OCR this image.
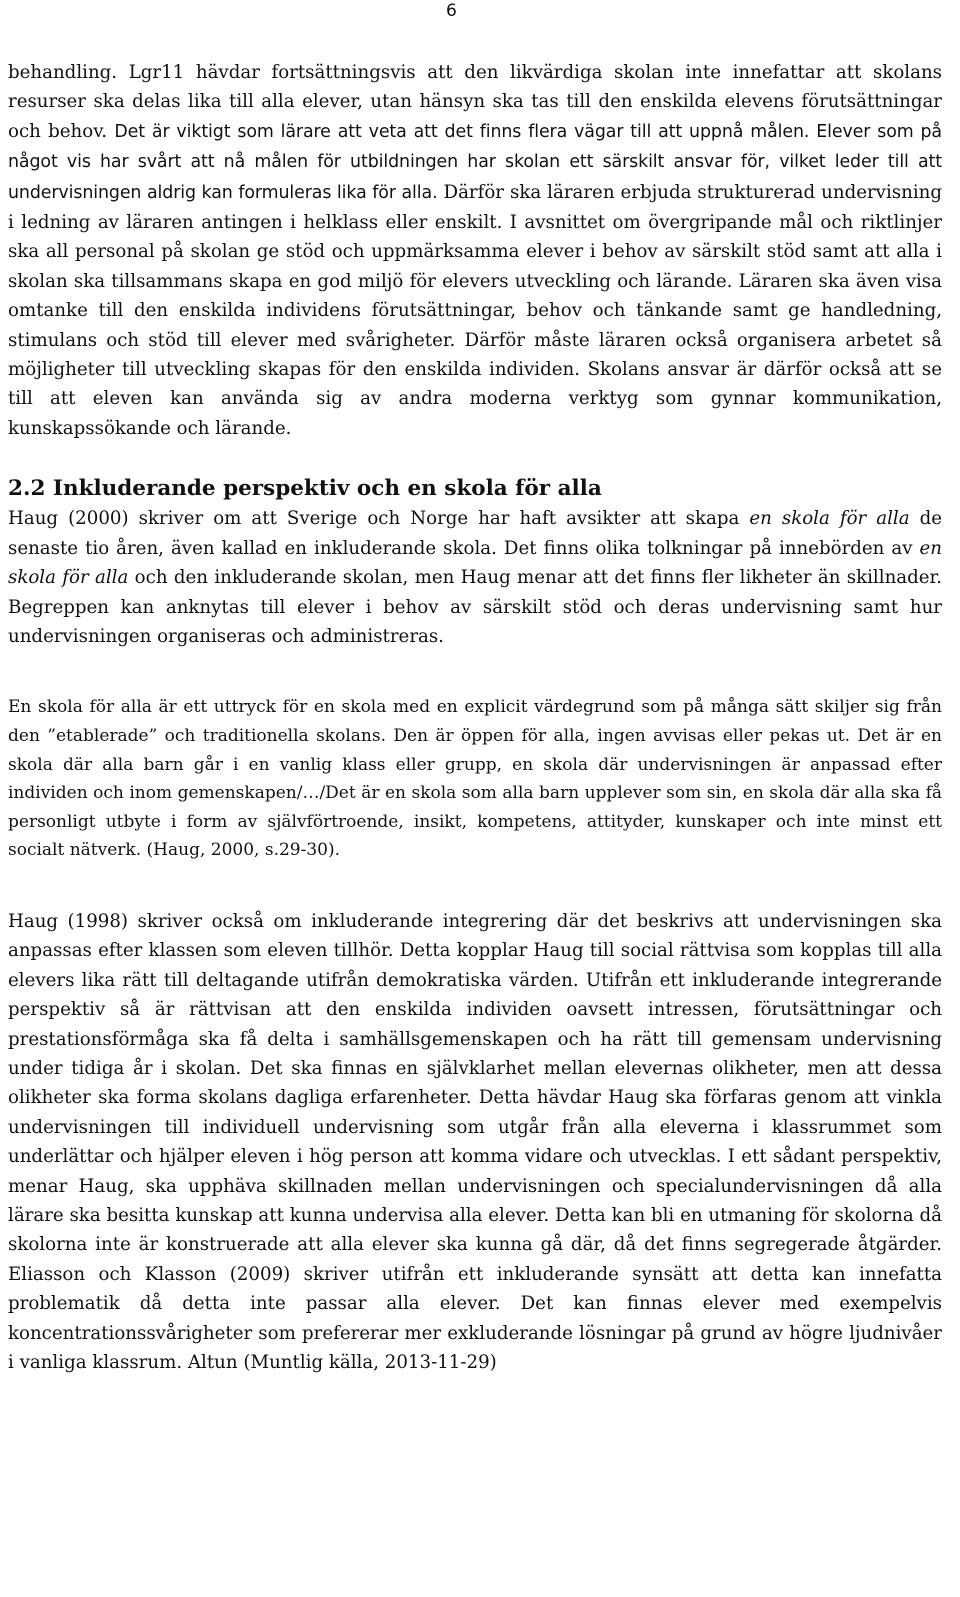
6

behandling. Lgr11 hävdar fortsättningsvis att den likvärdiga skolan inte innefattar att skolans resurser ska delas lika till alla elever, utan hänsyn ska tas till den enskilda elevens förutsättningar och behov. Det är viktigt som lärare att veta att det finns flera vägar till att uppnå målen. Elever som på något vis har svårt att nå målen för utbildningen har skolan ett särskilt ansvar för, vilket leder till att undervisningen aldrig kan formuleras lika för alla. Därför ska läraren erbjuda strukturerad undervisning i ledning av läraren antingen i helklass eller enskilt. I avsnittet om övergripande mål och riktlinjer ska all personal på skolan ge stöd och uppmärksamma elever i behov av särskilt stöd samt att alla i skolan ska tillsammans skapa en god miljö för elevers utveckling och lärande. Läraren ska även visa omtanke till den enskilda individens förutsättningar, behov och tänkande samt ge handledning, stimulans och stöd till elever med svårigheter. Därför måste läraren också organisera arbetet så möjligheter till utveckling skapas för den enskilda individen. Skolans ansvar är därför också att se till att eleven kan använda sig av andra moderna verktyg som gynnar kommunikation, kunskapssökande och lärande.

2.2 Inkluderande perspektiv och en skola för alla

Haug (2000) skriver om att Sverige och Norge har haft avsikter att skapa en skola för alla de senaste tio åren, även kallad en inkluderande skola. Det finns olika tolkningar på innebörden av en skola för alla och den inkluderande skolan, men Haug menar att det finns fler likheter än skillnader. Begreppen kan anknytas till elever i behov av särskilt stöd och deras undervisning samt hur undervisningen organiseras och administreras.

En skola för alla är ett uttryck för en skola med en explicit värdegrund som på många sätt skiljer sig från den ”etablerade” och traditionella skolans. Den är öppen för alla, ingen avvisas eller pekas ut. Det är en skola där alla barn går i en vanlig klass eller grupp, en skola där undervisningen är anpassad efter individen och inom gemenskapen/…/Det är en skola som alla barn upplever som sin, en skola där alla ska få personligt utbyte i form av självförtroende, insikt, kompetens, attityder, kunskaper och inte minst ett socialt nätverk. (Haug, 2000, s.29-30).

Haug (1998) skriver också om inkluderande integrering där det beskrivs att undervisningen ska anpassas efter klassen som eleven tillhör. Detta kopplar Haug till social rättvisa som kopplas till alla elevers lika rätt till deltagande utifrån demokratiska värden. Utifrån ett inkluderande integrerande perspektiv så är rättvisan att den enskilda individen oavsett intressen, förutsättningar och prestationsförmåga ska få delta i samhällsgemenskapen och ha rätt till gemensam undervisning under tidiga år i skolan. Det ska finnas en självklarhet mellan elevernas olikheter, men att dessa olikheter ska forma skolans dagliga erfarenheter. Detta hävdar Haug ska förfaras genom att vinkla undervisningen till individuell undervisning som utgår från alla eleverna i klassrummet som underlättar och hjälper eleven i hög person att komma vidare och utvecklas. I ett sådant perspektiv, menar Haug, ska upphäva skillnaden mellan undervisningen och specialundervisningen då alla lärare ska besitta kunskap att kunna undervisa alla elever. Detta kan bli en utmaning för skolorna då skolorna inte är konstruerade att alla elever ska kunna gå där, då det finns segregerade åtgärder. Eliasson och Klasson (2009) skriver utifrån ett inkluderande synsätt att detta kan innefatta problematik då detta inte passar alla elever. Det kan finnas elever med exempelvis koncentrationssvårigheter som prefererar mer exkluderande lösningar på grund av högre ljudnivåer i vanliga klassrum. Altun (Muntlig källa, 2013-11-29)
